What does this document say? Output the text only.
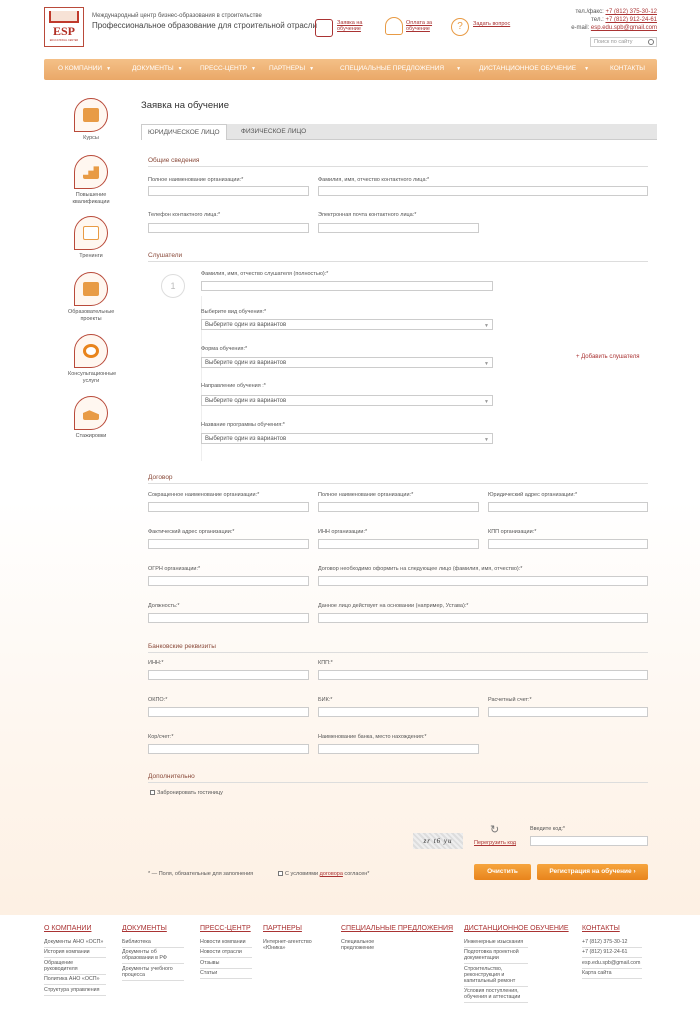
ESP
EDUCATIONAL CENTER
Международный центр бизнес-образования в строительстве
Профессиональное образование для строительной отрасли	Заявка на
обучение
Оплата за
обучение	?	Задать вопрос
тел./факс: +7 (812) 375-30-12
тел.: +7 (812) 912-24-61
e-mail: esp.edu.spb@gmail.com
Поиск по сайту
О КОМПАНИИ ▼	ДОКУМЕНТЫ ▼	ПРЕСС-ЦЕНТР ▼ ПАРТНЕРЫ ▼	СПЕЦИАЛЬНЫЕ ПРЕДЛОЖЕНИЯ ▼	ДИСТАНЦИОННОЕ ОБУЧЕНИЕ ▼	КОНТАКТЫ
Курсы
Повышение квалификации
Тренинги
Образовательные проекты
Консультационные услуги
Стажировки
Заявка на обучение
ЮРИДИЧЕСКОЕ ЛИЦО	ФИЗИЧЕСКОЕ ЛИЦО
Общие сведения
Полное наименование организации:*	Фамилия, имя, отчество контактного лица:*
Телефон контактного лица:*	Электронная почта контактного лица:*
Слушатели
1
Фамилия, имя, отчество слушателя (полностью):*
Выберите вид обучения:*
Выберите один из вариантов	▼
Форма обучения:*
Выберите один из вариантов	▼
Направление обучения :*
Выберите один из вариантов	▼
Название программы обучения:*
Выберите один из вариантов	▼
+ Добавить слушателя
Договор
Сокращенное наименование организации:*	Полное наименование организации:*	Юридический адрес организации:*
Фактический адрес организации:*	ИНН организации:*	КПП организации:*
ОГРН организации:*	Договор необходимо оформить на следующее лицо (фамилия, имя, отчество):*
Должность:*	Данное лицо действует на основании (например, Устава):*
Банковские реквизиты
ИНН:*	КПП:*
ОКПО:*	БИК:*	Расчетный счет:*
Кор/счет:*	Наименование банка, место нахождения:*
Дополнительно
Забронировать гостиницу
zr t6 уи
↻
Перегрузить код
Введите код:*
* — Поля, обязательные для заполнения	С условиями договора согласен*	Очистить	Регистрация на обучение ›
О КОМПАНИИ
Документы АНО «ОСП»
История компании
Обращение руководителя
Политика АНО «ОСП»
Структура управления
ДОКУМЕНТЫ
Библиотека
Документы об образовании в РФ
Документы учебного процесса
ПРЕСС-ЦЕНТР
Новости компании
Новости отрасли
Отзывы
Статьи
ПАРТНЕРЫ
Интернет-агентство «Юника»
СПЕЦИАЛЬНЫЕ ПРЕДЛОЖЕНИЯ
Специальное предложение
ДИСТАНЦИОННОЕ ОБУЧЕНИЕ
Инженерные изыскания
Подготовка проектной документации
Строительство, реконструкция и капитальный ремонт
Условия поступления, обучения и аттестации
КОНТАКТЫ
+7 (812) 375-30-12
+7 (812) 912-24-61
esp.edu.spb@gmail.com
Карта сайта
